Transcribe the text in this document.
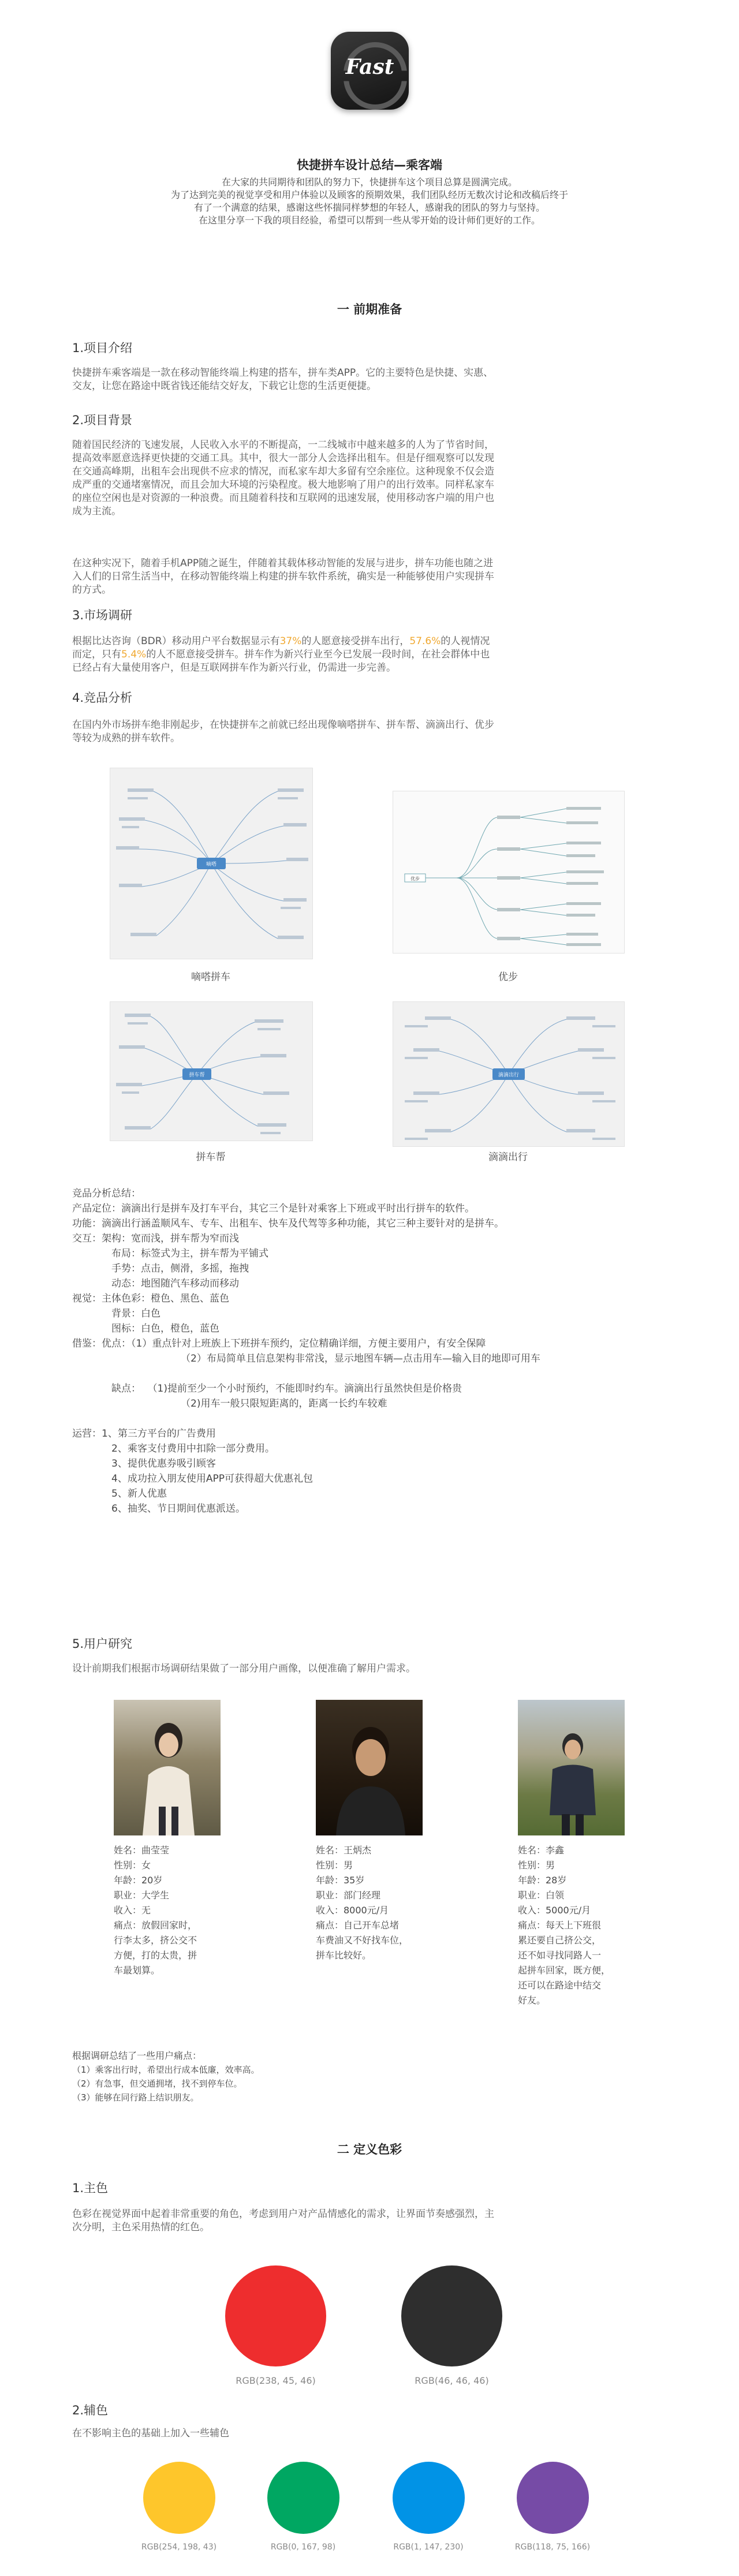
Fast
快捷拼车设计总结—乘客端

在大家的共同期待和团队的努力下，快捷拼车这个项目总算是圆满完成。

为了达到完美的视觉享受和用户体验以及顾客的预期效果，我们团队经历无数次讨论和改稿后终于

有了一个满意的结果，感谢这些怀揣同样梦想的年轻人，感谢我的团队的努力与坚持。

在这里分享一下我的项目经验，希望可以帮到一些从零开始的设计师们更好的工作。

一 前期准备
1.项目介绍

快捷拼车乘客端是一款在移动智能终端上构建的搭车，拼车类APP。它的主要特色是快捷、实惠、

交友，让您在路途中既省钱还能结交好友，下载它让您的生活更便捷。

2.项目背景

随着国民经济的飞速发展，人民收入水平的不断提高，一二线城市中越来越多的人为了节省时间，

提高效率愿意选择更快捷的交通工具。其中，很大一部分人会选择出租车。但是仔细观察可以发现

在交通高峰期，出租车会出现供不应求的情况，而私家车却大多留有空余座位。这种现象不仅会造

成严重的交通堵塞情况，而且会加大环境的污染程度。极大地影响了用户的出行效率。同样私家车

的座位空闲也是对资源的一种浪费。而且随着科技和互联网的迅速发展，使用移动客户端的用户也

成为主流。

在这种实况下，随着手机APP随之诞生，伴随着其载体移动智能的发展与进步，拼车功能也随之进

入人们的日常生活当中，在移动智能终端上构建的拼车软件系统，确实是一种能够使用户实现拼车

的方式。

3.市场调研

根据比达咨询（BDR）移动用户平台数据显示有37%的人愿意接受拼车出行，57.6%的人视情况

而定，只有5.4%的人不愿意接受拼车。拼车作为新兴行业至今已发展一段时间，在社会群体中也

已经占有大量使用客户，但是互联网拼车作为新兴行业，仍需进一步完善。

4.竞品分析

在国内外市场拼车绝非刚起步，在快捷拼车之前就已经出现像嘀嗒拼车、拼车帮、滴滴出行、优步

等较为成熟的拼车软件。

嘀嗒
嘀嗒拼车
优步
优步
拼车帮
拼车帮
滴滴出行
滴滴出行
竞品分析总结：
产品定位：滴滴出行是拼车及打车平台，其它三个是针对乘客上下班或平时出行拼车的软件。
功能：滴滴出行涵盖顺风车、专车、出租车、快车及代驾等多种功能，其它三种主要针对的是拼车。
交互：架构：宽而浅，拼车帮为窄而浅
布局：标签式为主，拼车帮为平铺式
手势：点击，侧滑，多摇，拖拽
动态：地图随汽车移动而移动
视觉：主体色彩：橙色、黑色、蓝色
背景：白色
图标：白色，橙色，蓝色
借鉴：优点：（1）重点针对上班族上下班拼车预约，定位精确详细，方便主要用户，有安全保障
（2）布局简单且信息架构非常浅，显示地图车辆—点击用车—输入目的地即可用车
缺点： （1)提前至少一个小时预约，不能即时约车。滴滴出行虽然快但是价格贵
（2)用车一般只限短距离的，距离一长约车较难
运营：1、第三方平台的广告费用
2、乘客支付费用中扣除一部分费用。
3、提供优惠券吸引顾客
4、成功拉入朋友使用APP可获得超大优惠礼包
5、新人优惠
6、抽奖、节日期间优惠派送。
5.用户研究
设计前期我们根据市场调研结果做了一部分用户画像，以便准确了解用户需求。
姓名：曲莹莹
性别：女
年龄：20岁
职业：大学生
收入：无
痛点：放假回家时，
行李太多，挤公交不
方便，打的太贵，拼
车最划算。
姓名：王炳杰
性别：男
年龄：35岁
职业：部门经理
收入：8000元/月
痛点：自己开车总堵
车费油又不好找车位，
拼车比较好。
姓名：李鑫
性别：男
年龄：28岁
职业：白领
收入：5000元/月
痛点：每天上下班很
累还要自己挤公交，
还不如寻找同路人一
起拼车回家，既方便，
还可以在路途中结交
好友。
根据调研总结了一些用户痛点：
（1）乘客出行时，希望出行成本低廉，效率高。
（2）有急事，但交通拥堵，找不到停车位。
（3）能够在同行路上结识朋友。
二 定义色彩
1.主色

色彩在视觉界面中起着非常重要的角色，考虑到用户对产品情感化的需求，让界面节奏感强烈，主

次分明，主色采用热情的红色。

RGB(238, 45, 46)	RGB(46, 46, 46)
2.辅色
在不影响主色的基础上加入一些辅色
RGB(254, 198, 43)	RGB(0, 167, 98)	RGB(1, 147, 230)	RGB(118, 75, 166)
